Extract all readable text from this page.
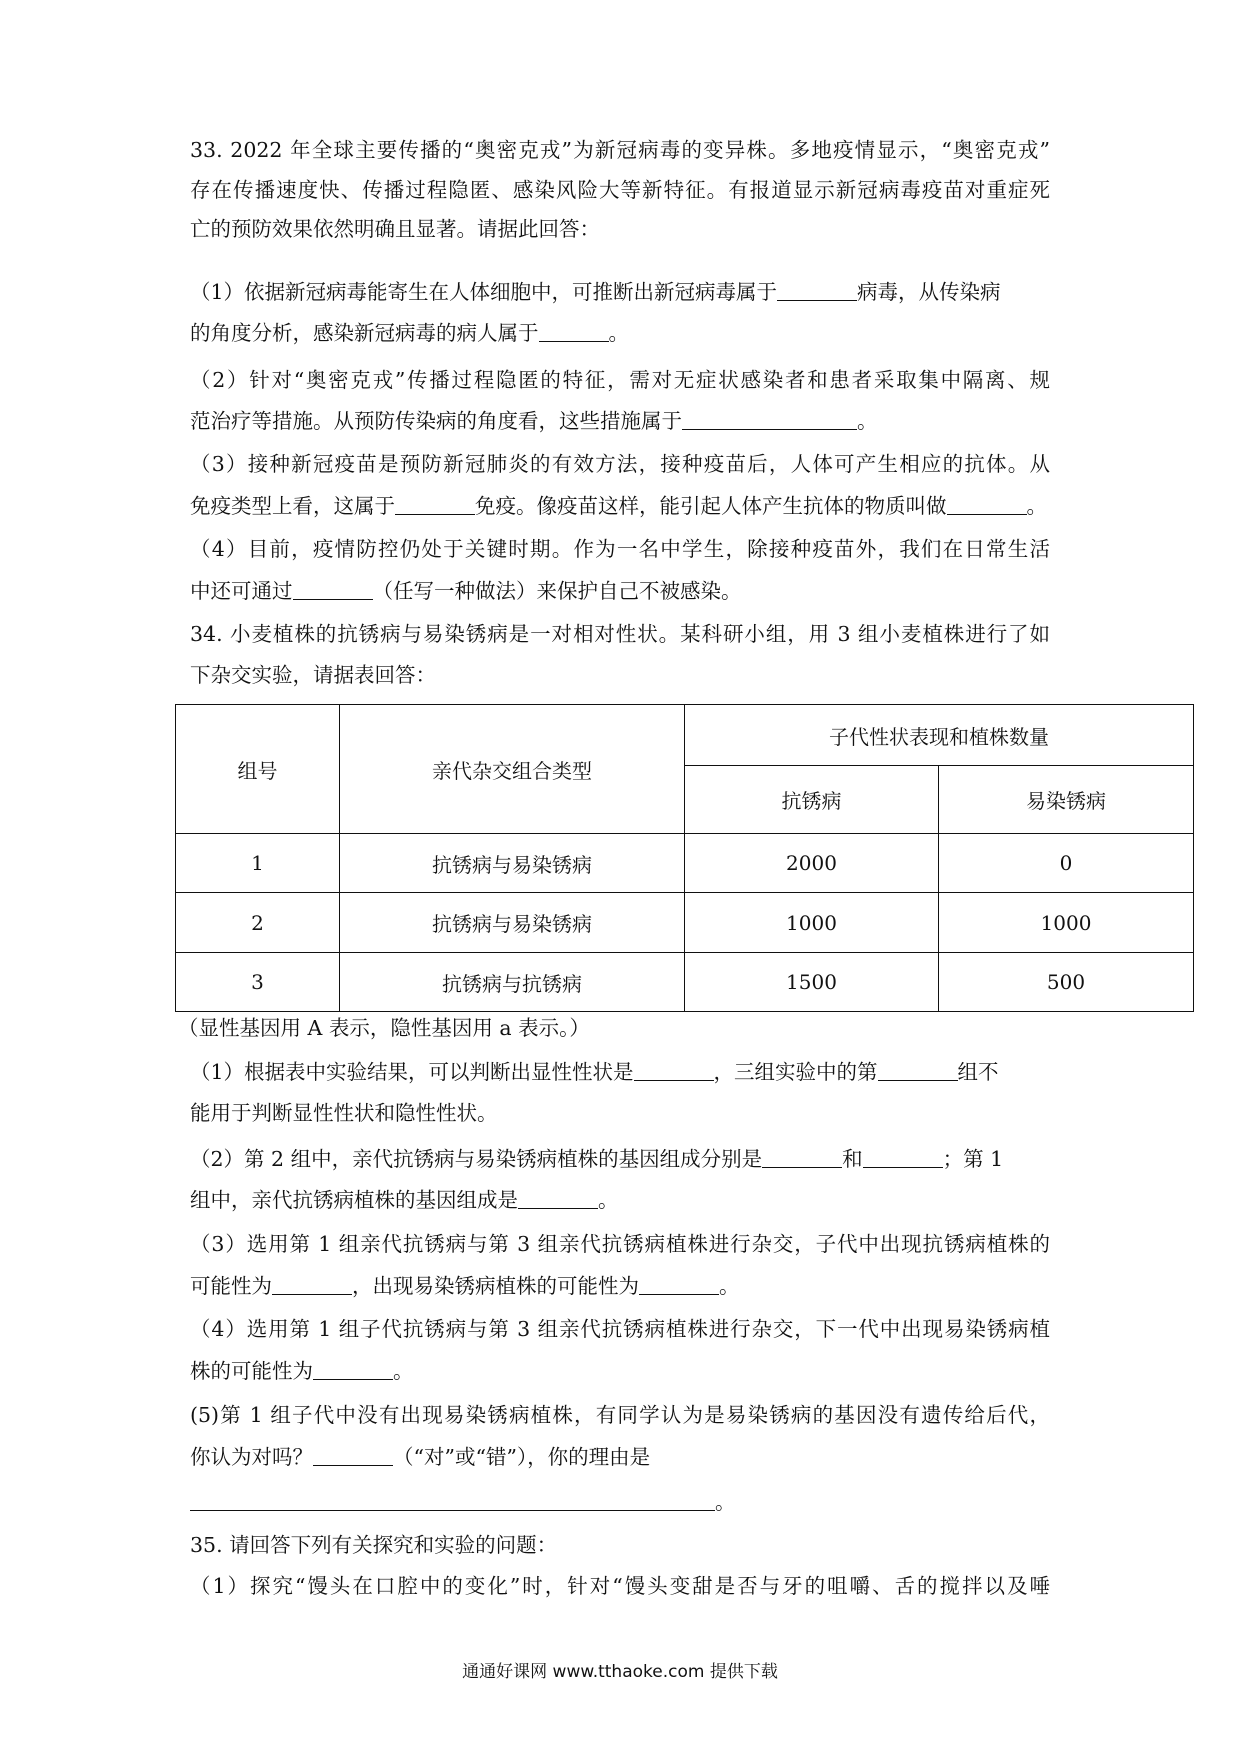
33. 2022 年全球主要传播的“奥密克戎”为新冠病毒的变异株。多地疫情显示，“奥密克戎”
存在传播速度快、传播过程隐匿、感染风险大等新特征。有报道显示新冠病毒疫苗对重症死
亡的预防效果依然明确且显著。请据此回答：
（1）依据新冠病毒能寄生在人体细胞中，可推断出新冠病毒属于	病毒，从传染病
的角度分析，感染新冠病毒的病人属于	。
（2）针对“奥密克戎”传播过程隐匿的特征，需对无症状感染者和患者采取集中隔离、规
范治疗等措施。从预防传染病的角度看，这些措施属于	。
（3）接种新冠疫苗是预防新冠肺炎的有效方法，接种疫苗后，人体可产生相应的抗体。从
免疫类型上看，这属于	免疫。像疫苗这样，能引起人体产生抗体的物质叫做	。
（4）目前，疫情防控仍处于关键时期。作为一名中学生，除接种疫苗外，我们在日常生活
中还可通过	（任写一种做法）来保护自己不被感染。
34. 小麦植株的抗锈病与易染锈病是一对相对性状。某科研小组，用 3 组小麦植株进行了如
下杂交实验，请据表回答：
组号	亲代杂交组合类型	子代性状表现和植株数量	
		抗锈病	易染锈病
1	抗锈病与易染锈病	2000	0
2	抗锈病与易染锈病	1000	1000
3	抗锈病与抗锈病	1500	500
（显性基因用 A 表示，隐性基因用 a 表示。）
（1）根据表中实验结果，可以判断出显性性状是	，三组实验中的第	组不
能用于判断显性性状和隐性性状。
（2）第 2 组中，亲代抗锈病与易染锈病植株的基因组成分别是	和	；第 1
组中，亲代抗锈病植株的基因组成是	。
（3）选用第 1 组亲代抗锈病与第 3 组亲代抗锈病植株进行杂交，子代中出现抗锈病植株的
可能性为	，出现易染锈病植株的可能性为	。
（4）选用第 1 组子代抗锈病与第 3 组亲代抗锈病植株进行杂交，下一代中出现易染锈病植
株的可能性为	。
(5)第 1 组子代中没有出现易染锈病植株，有同学认为是易染锈病的基因没有遗传给后代，
你认为对吗？	（“对”或“错”），你的理由是
。
35. 请回答下列有关探究和实验的问题：
（1）探究“馒头在口腔中的变化”时，针对“馒头变甜是否与牙的咀嚼、舌的搅拌以及唾
通通好课网 www.tthaoke.com 提供下载
